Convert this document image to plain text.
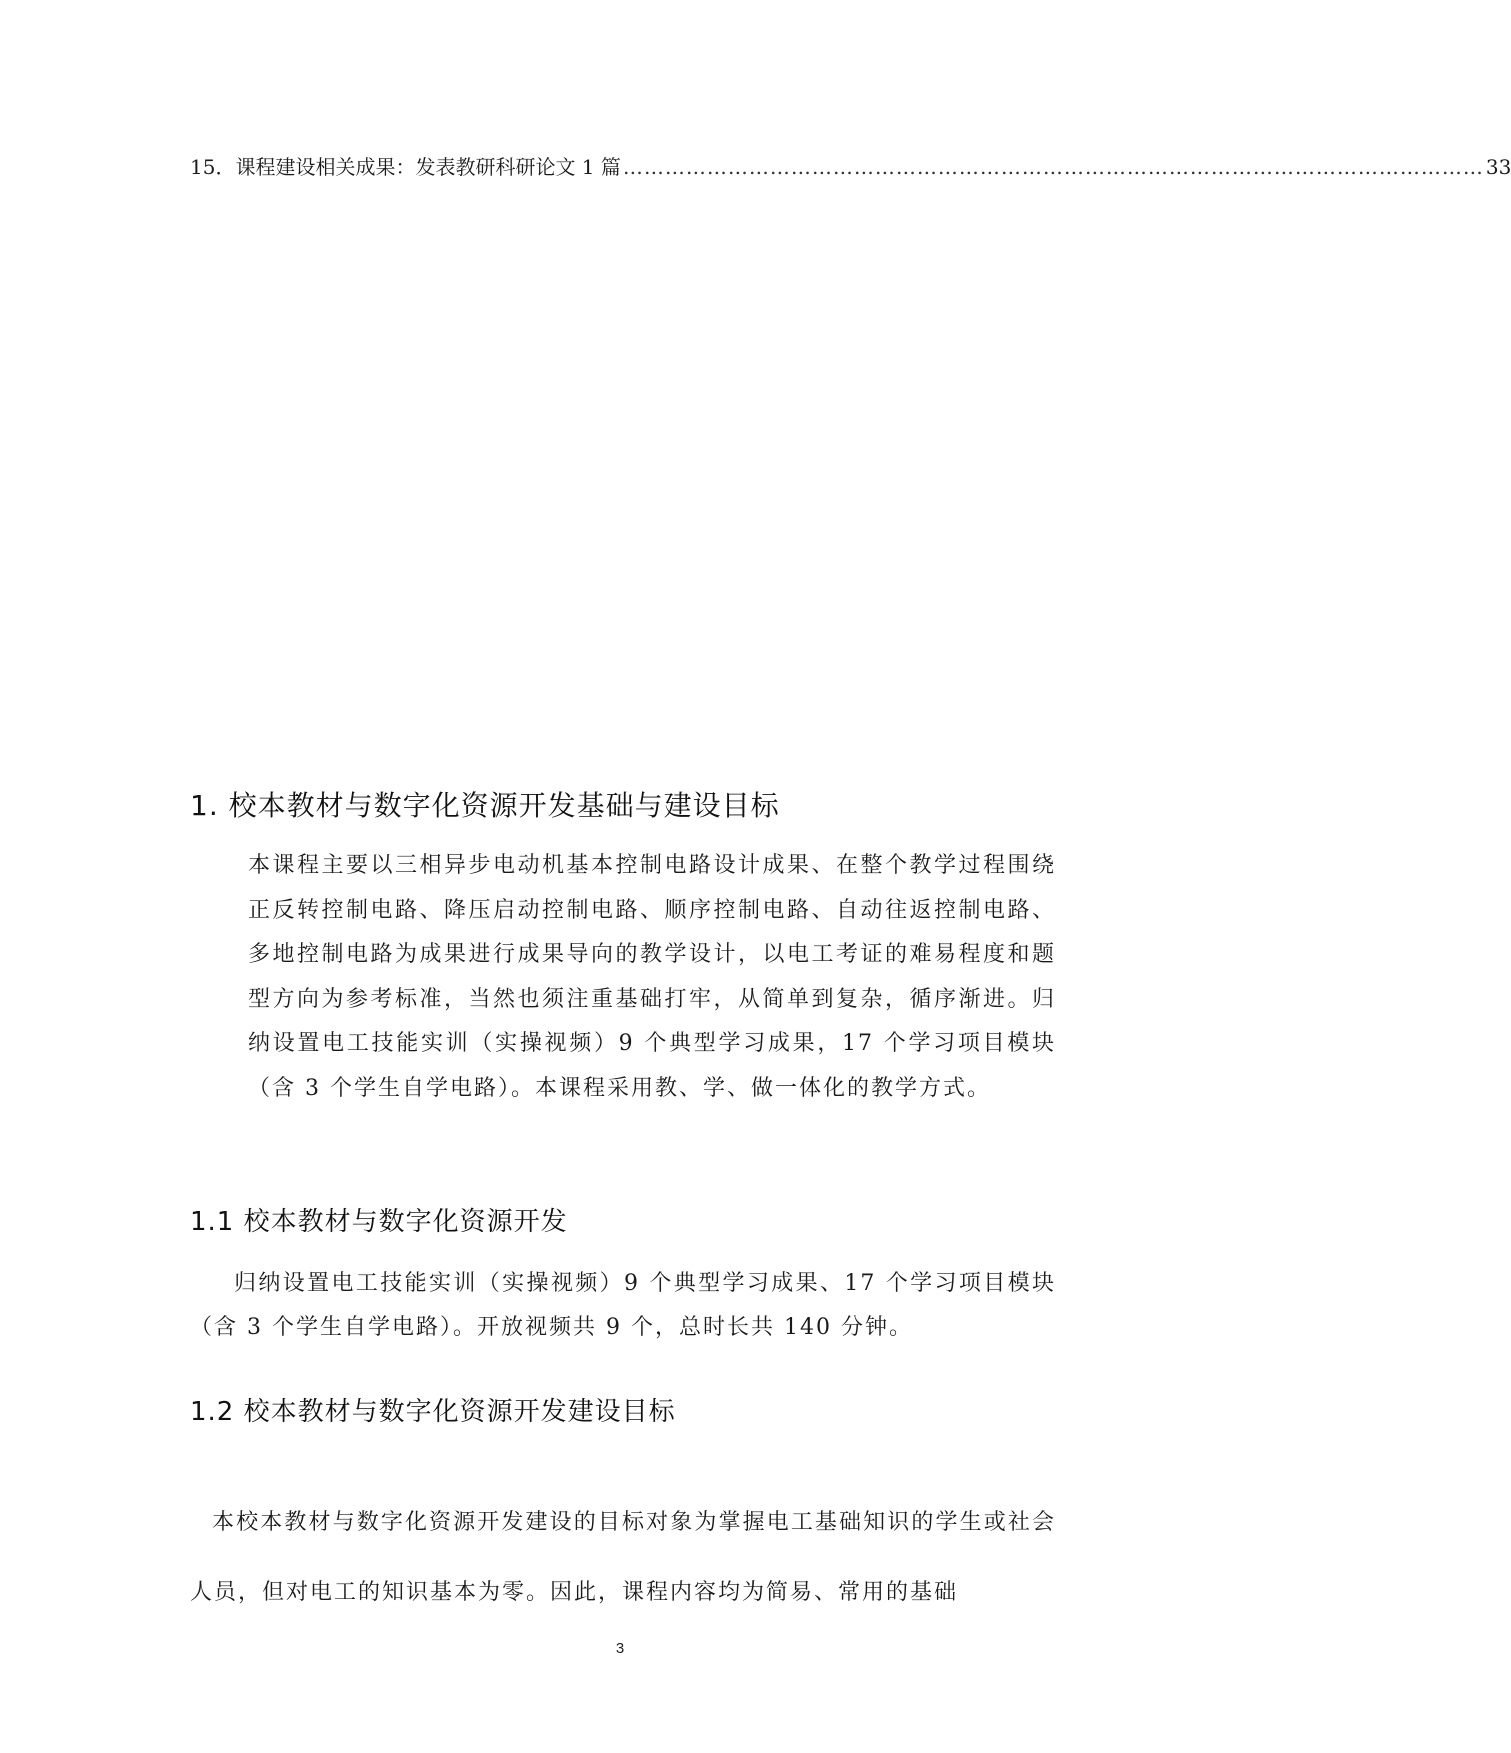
15．课程建设相关成果：发表教研科研论文 1 篇 …………………………………………………………………………………………………………… 33
1. 校本教材与数字化资源开发基础与建设目标

本课程主要以三相异步电动机基本控制电路设计成果、在整个教学过程围绕正反转控制电路、降压启动控制电路、顺序控制电路、自动往返控制电路、多地控制电路为成果进行成果导向的教学设计，以电工考证的难易程度和题型方向为参考标准，当然也须注重基础打牢，从简单到复杂，循序渐进。归纳设置电工技能实训（实操视频）9 个典型学习成果，17 个学习项目模块（含 3 个学生自学电路）。本课程采用教、学、做一体化的教学方式。

1.1 校本教材与数字化资源开发

归纳设置电工技能实训（实操视频）9 个典型学习成果、17 个学习项目模块（含 3 个学生自学电路）。开放视频共 9 个，总时长共 140 分钟。

1.2 校本教材与数字化资源开发建设目标

本校本教材与数字化资源开发建设的目标对象为掌握电工基础知识的学生或社会人员，但对电工的知识基本为零。因此，课程内容均为简易、常用的基础

3
